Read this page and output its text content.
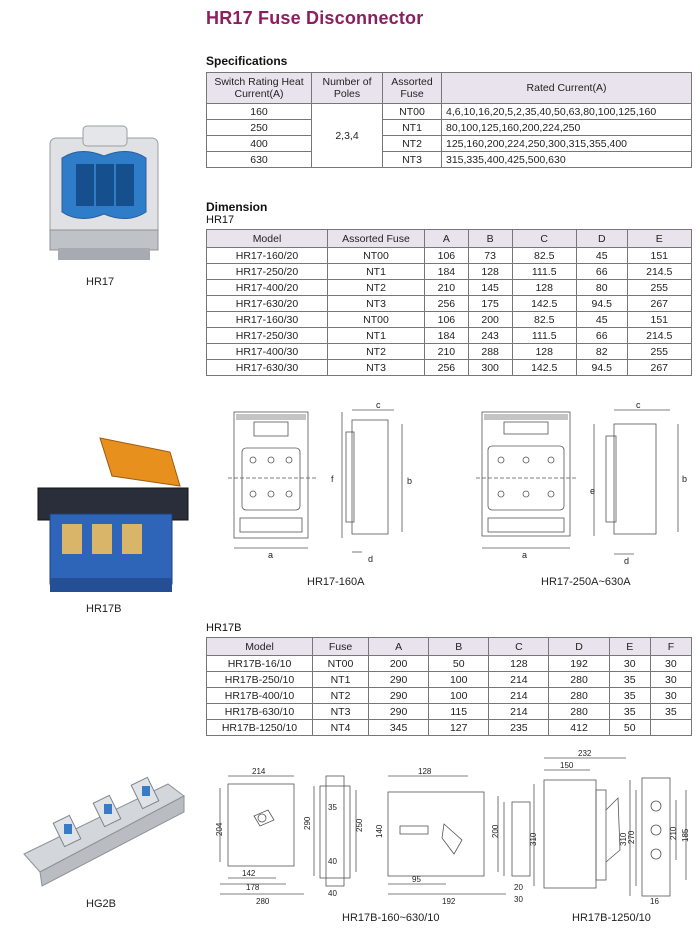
HR17 Fuse Disconnector
Specifications
Switch Rating Heat Current(A)	Number of Poles	Assorted Fuse	Rated Current(A)
160	2,3,4	NT00	4,6,10,16,20,5,2,35,40,50,63,80,100,125,160
250		NT1	80,100,125,160,200,224,250
400		NT2	125,160,200,224,250,300,315,355,400
630		NT3	315,335,400,425,500,630
Dimension
HR17
Model	Assorted Fuse	A	B	C	D	E
HR17-160/20	NT00	106	73	82.5	45	151
HR17-250/20	NT1	184	128	111.5	66	214.5
HR17-400/20	NT2	210	145	128	80	255
HR17-630/20	NT3	256	175	142.5	94.5	267
HR17-160/30	NT00	106	200	82.5	45	151
HR17-250/30	NT1	184	243	111.5	66	214.5
HR17-400/30	NT2	210	288	128	82	255
HR17-630/30	NT3	256	300	142.5	94.5	267
HR17
HR17B
HG2B
a
f
c
b
d
HR17-160A
a
e
c
b
d
HR17-250A~630A
HR17B
Model	Fuse	A	B	C	D	E	F
HR17B-16/10	NT00	200	50	128	192	30	30
HR17B-250/10	NT1	290	100	214	280	35	30
HR17B-400/10	NT2	290	100	214	280	35	30
HR17B-630/10	NT3	290	115	214	280	35	35
HR17B-1250/10	NT4	345	127	235	412	50	
214
204
142
178
280
290	250
35
40
40
128
140
95
192
200
20
30
HR17B-160~630/10
232
150
310	310 270	210 185
16
HR17B-1250/10
